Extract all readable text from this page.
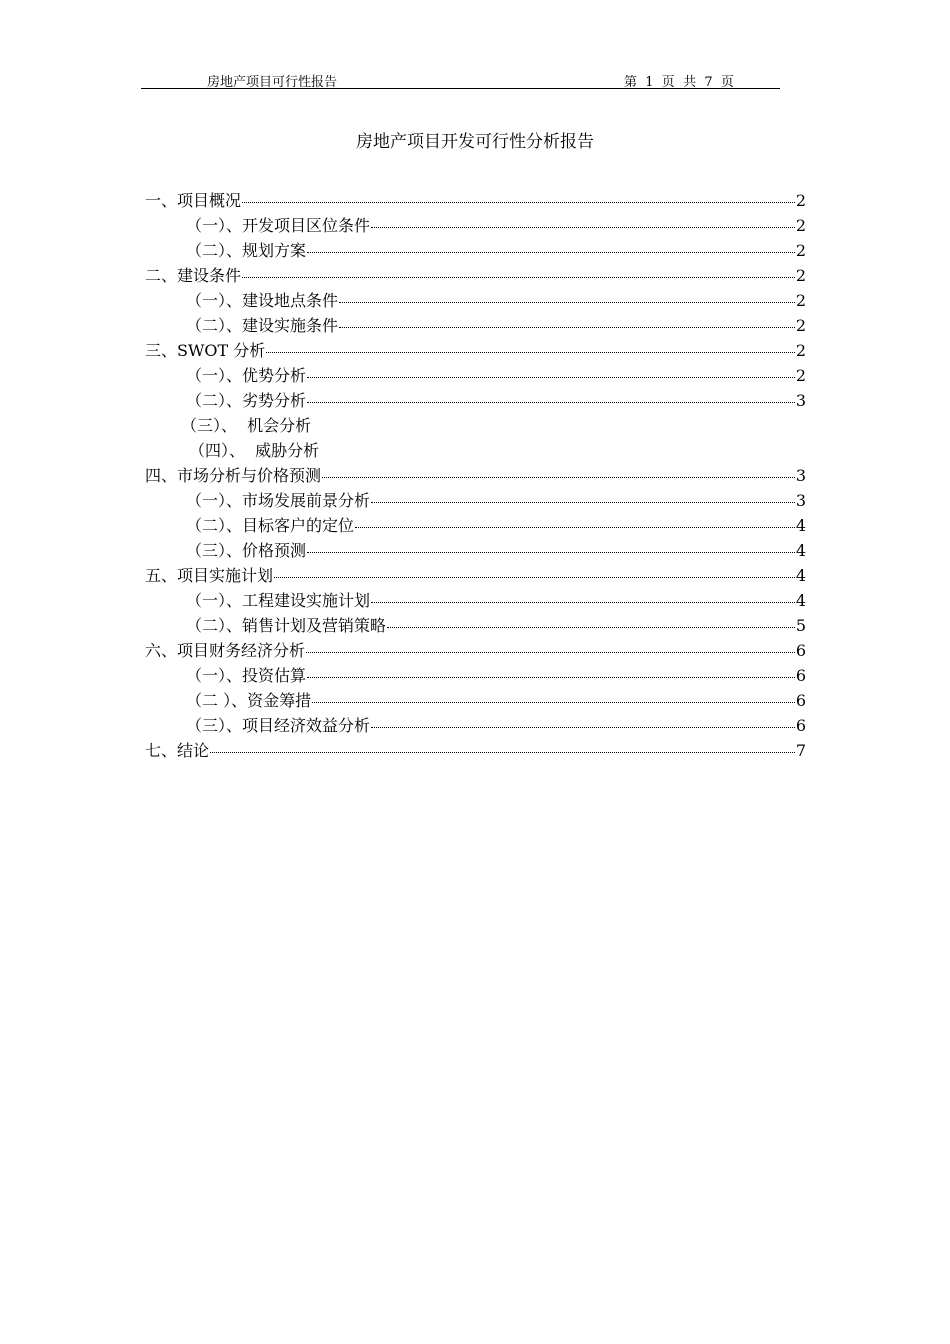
房地产项目可行性报告	第  1  页  共  7  页
房地产项目开发可行性分析报告
一、项目概况	2
（一）、开发项目区位条件	2
（二）、规划方案	2
二、建设条件	2
（一）、建设地点条件	2
（二）、建设实施条件	2
三、SWOT 分析	2
（一）、优势分析	2
（二）、劣势分析	3
（三）、  机会分析
（四）、  威胁分析
四、市场分析与价格预测	3
（一）、市场发展前景分析	3
（二）、目标客户的定位	4
（三）、价格预测	4
五、项目实施计划	4
（一）、工程建设实施计划	4
（二）、销售计划及营销策略	5
六、项目财务经济分析	6
（一）、投资估算	6
（二 ）、资金筹措	6
（三）、项目经济效益分析	6
七、结论	7
